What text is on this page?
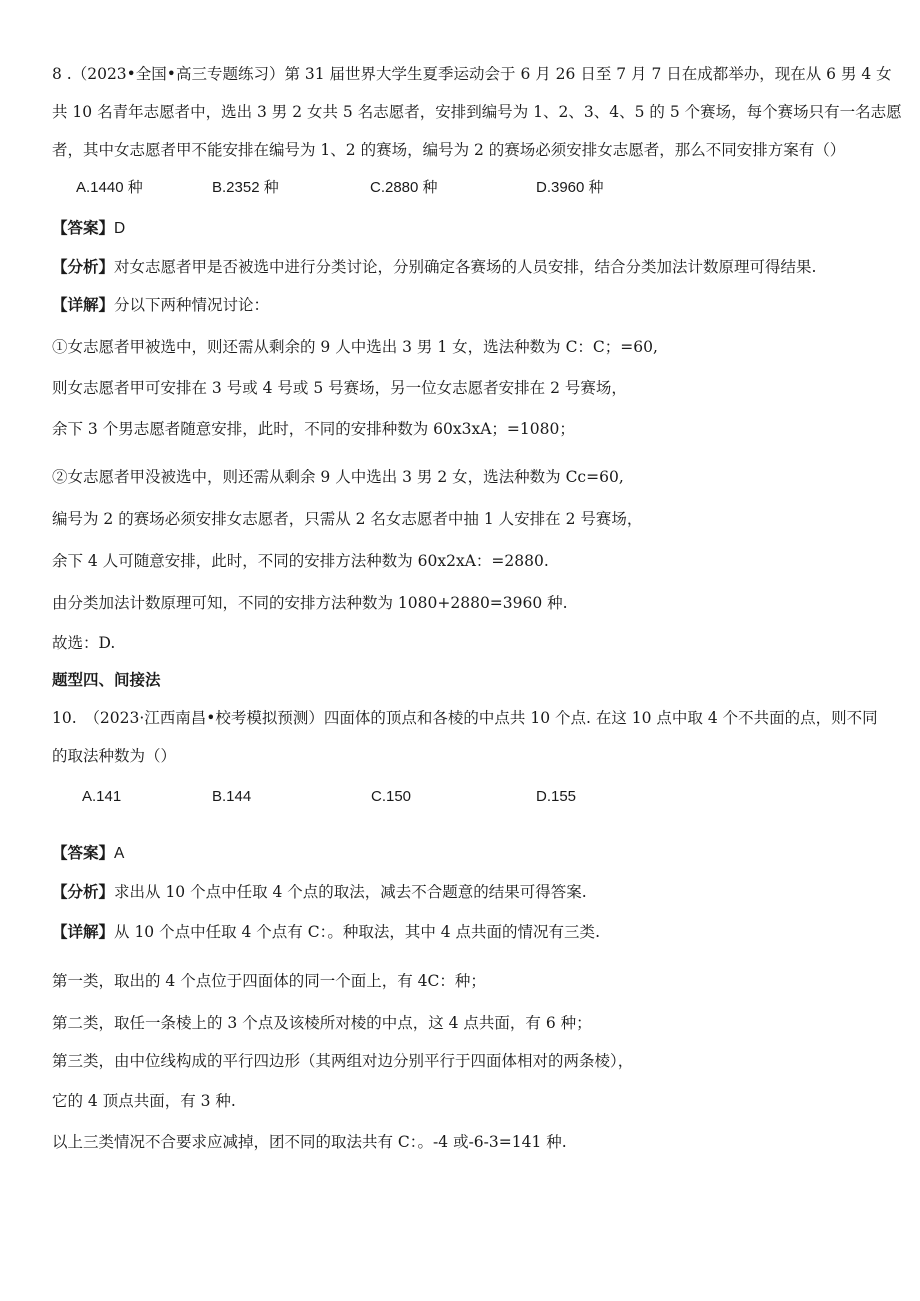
8 .（2023•全国•高三专题练习）第 31 届世界大学生夏季运动会于 6 月 26 日至 7 月 7 日在成都举办，现在从 6 男 4 女
共 10 名青年志愿者中，选出 3 男 2 女共 5 名志愿者，安排到编号为 1、2、3、4、5 的 5 个赛场，每个赛场只有一名志愿
者，其中女志愿者甲不能安排在编号为 1、2 的赛场，编号为 2 的赛场必须安排女志愿者，那么不同安排方案有（）
A.1440 种	B.2352 种	C.2880 种	D.3960 种
【答案】D
【分析】对女志愿者甲是否被选中进行分类讨论，分别确定各赛场的人员安排，结合分类加法计数原理可得结果.
【详解】分以下两种情况讨论：
①女志愿者甲被选中，则还需从剩余的 9 人中选出 3 男 1 女，选法种数为 C：C；=60,
则女志愿者甲可安排在 3 号或 4 号或 5 号赛场，另一位女志愿者安排在 2 号赛场，
余下 3 个男志愿者随意安排，此时，不同的安排种数为 60x3xA；=1080；
②女志愿者甲没被选中，则还需从剩余 9 人中选出 3 男 2 女，选法种数为 Cc=60,
编号为 2 的赛场必须安排女志愿者，只需从 2 名女志愿者中抽 1 人安排在 2 号赛场，
余下 4 人可随意安排，此时，不同的安排方法种数为 60x2xA：=2880.
由分类加法计数原理可知，不同的安排方法种数为 1080+2880=3960 种.
故选：D.
题型四、间接法
10.　（2023·江西南昌•校考模拟预测）四面体的顶点和各棱的中点共 10 个点. 在这 10 点中取 4 个不共面的点，则不同
的取法种数为（）
A.141	B.144	C.150	D.155
【答案】A
【分析】求出从 10 个点中任取 4 个点的取法，减去不合题意的结果可得答案.
【详解】从 10 个点中任取 4 个点有 C：。种取法，其中 4 点共面的情况有三类.
第一类，取出的 4 个点位于四面体的同一个面上，有 4C：种；
第二类，取任一条棱上的 3 个点及该棱所对棱的中点，这 4 点共面，有 6 种；
第三类，由中位线构成的平行四边形（其两组对边分别平行于四面体相对的两条棱），
它的 4 顶点共面，有 3 种.
以上三类情况不合要求应减掉，团不同的取法共有 C：。-4 或-6-3=141 种.
